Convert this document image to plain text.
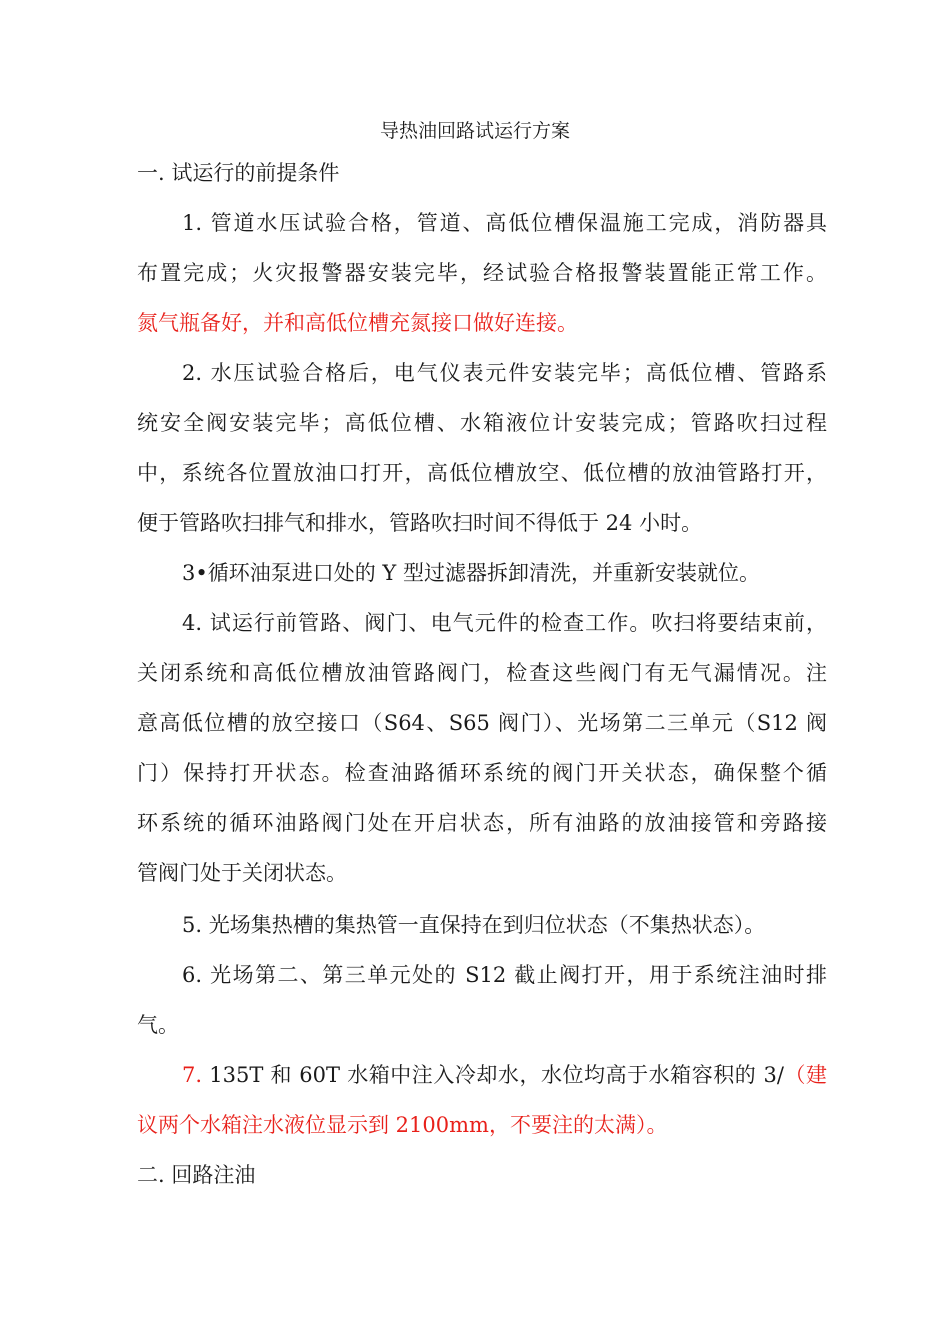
导热油回路试运行方案
一. 试运行的前提条件
1. 管道水压试验合格，管道、高低位槽保温施工完成，消防器具
布置完成；火灾报警器安装完毕，经试验合格报警装置能正常工作。
氮气瓶备好，并和高低位槽充氮接口做好连接。
2. 水压试验合格后，电气仪表元件安装完毕；高低位槽、管路系
统安全阀安装完毕；高低位槽、水箱液位计安装完成；管路吹扫过程
中，系统各位置放油口打开，高低位槽放空、低位槽的放油管路打开，
便于管路吹扫排气和排水，管路吹扫时间不得低于 24 小时。
3•循环油泵进口处的 Y 型过滤器拆卸清洗，并重新安装就位。
4. 试运行前管路、阀门、电气元件的检查工作。吹扫将要结束前，
关闭系统和高低位槽放油管路阀门，检查这些阀门有无气漏情况。注
意高低位槽的放空接口（S64、S65 阀门）、光场第二三单元（S12 阀
门）保持打开状态。检查油路循环系统的阀门开关状态，确保整个循
环系统的循环油路阀门处在开启状态，所有油路的放油接管和旁路接
管阀门处于关闭状态。
5. 光场集热槽的集热管一直保持在到归位状态（不集热状态）。
6. 光场第二、第三单元处的 S12 截止阀打开，用于系统注油时排
气。
7. 135T 和 60T 水箱中注入冷却水，水位均高于水箱容积的 3/（建
议两个水箱注水液位显示到 2100mm，不要注的太满）。
二. 回路注油
